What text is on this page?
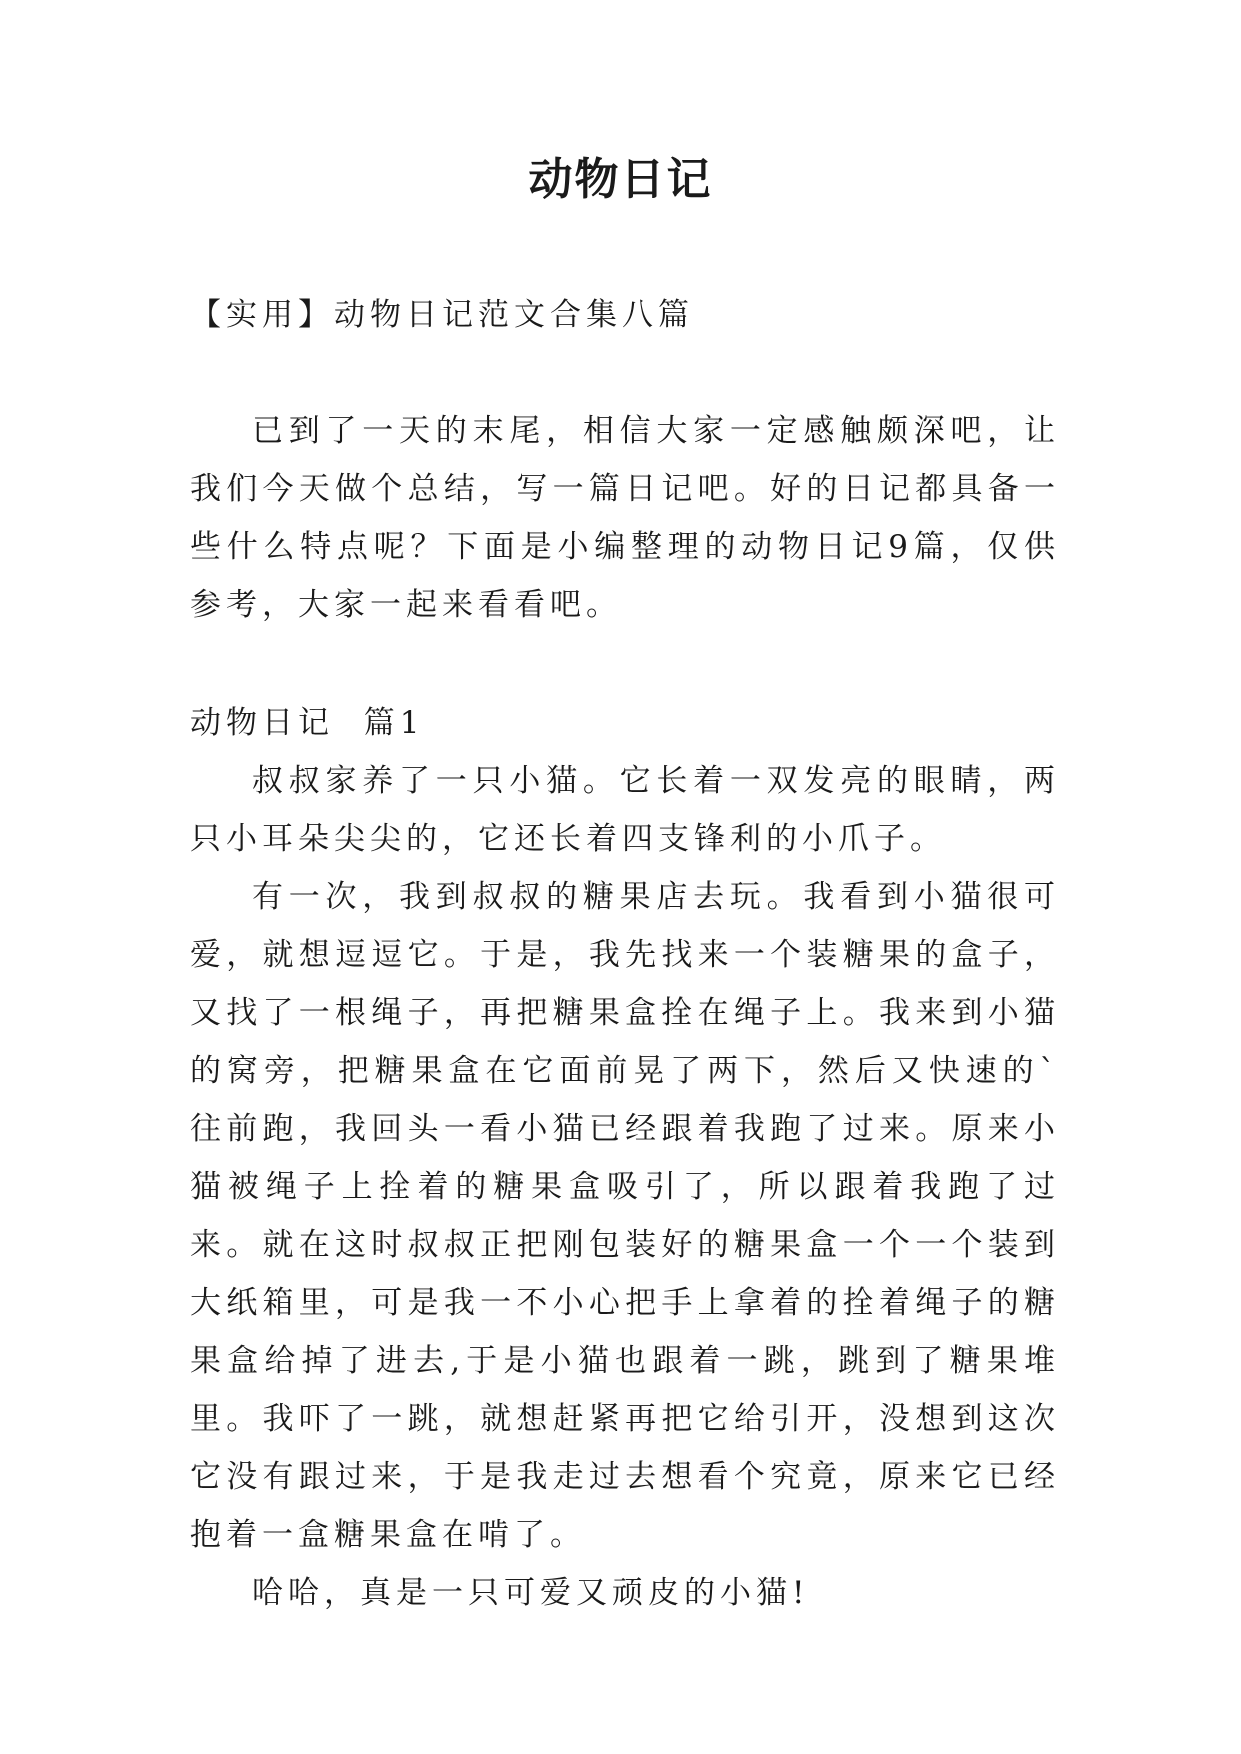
动物日记

【实用】动物日记范文合集八篇

已到了一天的末尾，相信大家一定感触颇深吧，让我们今天做个总结，写一篇日记吧。好的日记都具备一些什么特点呢？下面是小编整理的动物日记9篇，仅供参考，大家一起来看看吧。

动物日记  篇1

叔叔家养了一只小猫。它长着一双发亮的眼睛，两只小耳朵尖尖的，它还长着四支锋利的小爪子。

有一次，我到叔叔的糖果店去玩。我看到小猫很可爱，就想逗逗它。于是，我先找来一个装糖果的盒子，又找了一根绳子，再把糖果盒拴在绳子上。我来到小猫的窝旁，把糖果盒在它面前晃了两下，然后又快速的`往前跑，我回头一看小猫已经跟着我跑了过来。原来小猫被绳子上拴着的糖果盒吸引了，所以跟着我跑了过来。就在这时叔叔正把刚包装好的糖果盒一个一个装到大纸箱里，可是我一不小心把手上拿着的拴着绳子的糖果盒给掉了进去,于是小猫也跟着一跳，跳到了糖果堆里。我吓了一跳，就想赶紧再把它给引开，没想到这次它没有跟过来，于是我走过去想看个究竟，原来它已经抱着一盒糖果盒在啃了。

哈哈，真是一只可爱又顽皮的小猫!
